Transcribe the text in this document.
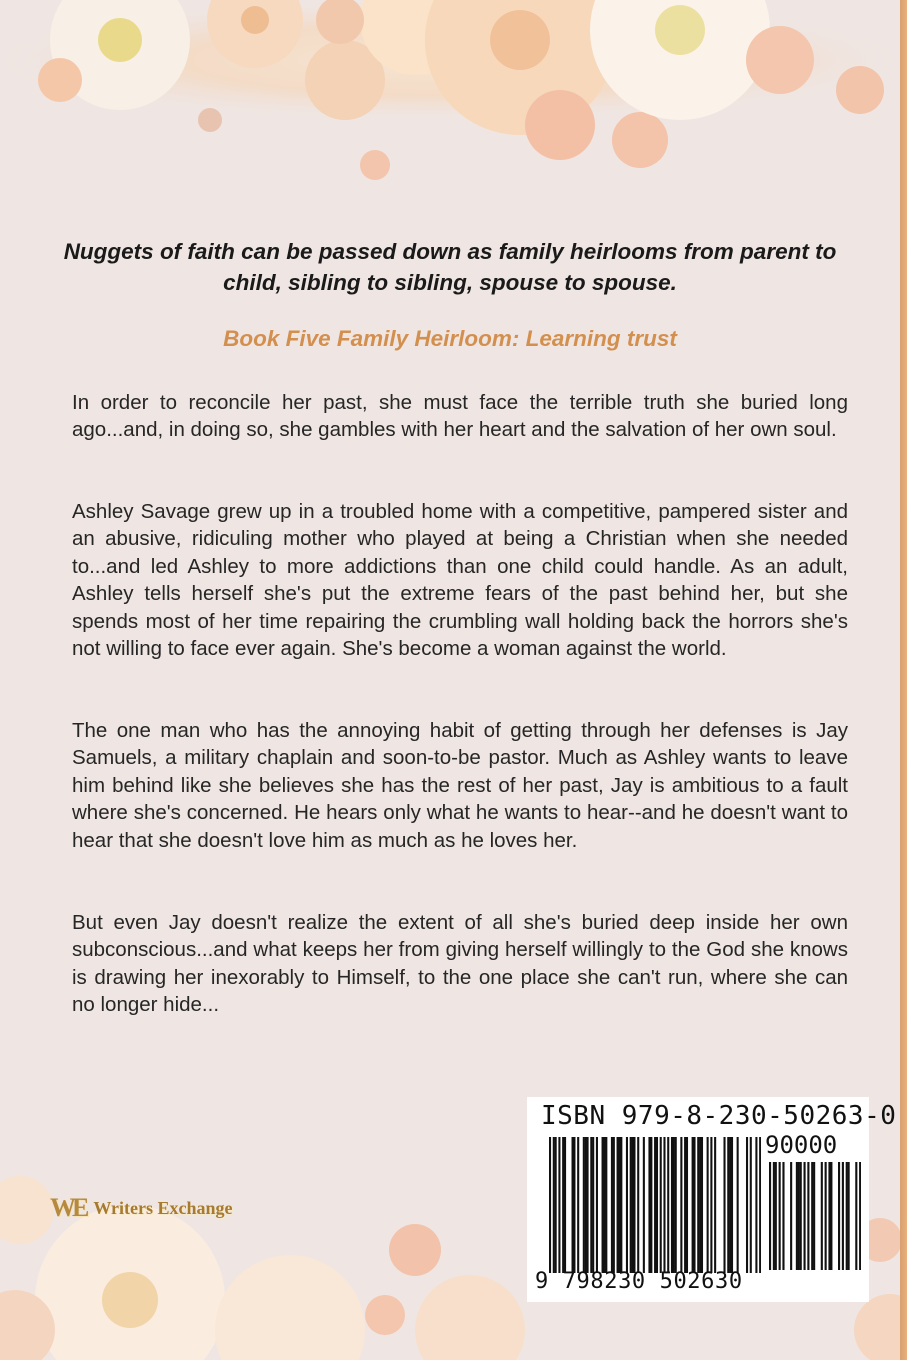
Nuggets of faith can be passed down as family heirlooms from parent to child, sibling to sibling, spouse to spouse.

Book Five Family Heirloom: Learning trust

In order to reconcile her past, she must face the terrible truth she buried long ago...and, in doing so, she gambles with her heart and the salvation of her own soul.

Ashley Savage grew up in a troubled home with a competitive, pampered sister and an abusive, ridiculing mother who played at being a Christian when she needed to...and led Ashley to more addictions than one child could handle. As an adult, Ashley tells herself she's put the extreme fears of the past behind her, but she spends most of her time repairing the crumbling wall holding back the horrors she's not willing to face ever again. She's become a woman against the world.

The one man who has the annoying habit of getting through her defenses is Jay Samuels, a military chaplain and soon-to-be pastor. Much as Ashley wants to leave him behind like she believes she has the rest of her past, Jay is ambitious to a fault where she's concerned. He hears only what he wants to hear--and he doesn't want to hear that she doesn't love him as much as he loves her.

But even Jay doesn't realize the extent of all she's buried deep inside her own subconscious...and what keeps her from giving herself willingly to the God she knows is drawing her inexorably to Himself, to the one place she can't run, where she can no longer hide...

WE Writers Exchange

ISBN 979-8-230-50263-0

90000

9 798230 502630
